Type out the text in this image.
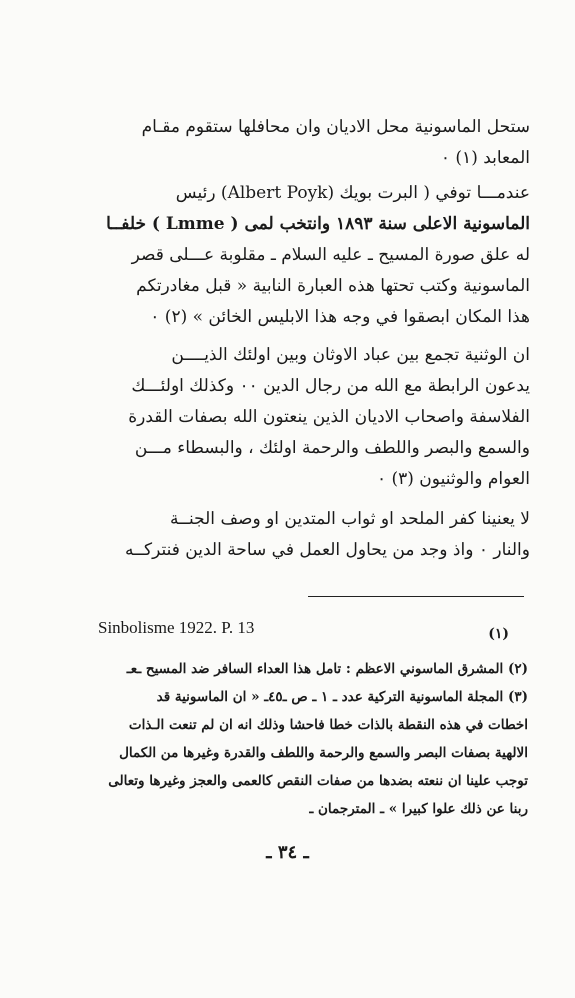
ستحل الماسونية محل الاديان وان محافلها ستقوم مقـام
المعابد (١) ٠
عندمـــا توفي ( البرت بويك (Albert Poyk) رئيس
الماسونية الاعلى سنة ١٨٩٣ وانتخب لمى ( Lmme ) خلفــا
له علق صورة المسيح ـ عليه السلام ـ مقلوبة عـــلى قصر
الماسونية وكتب تحتها هذه العبارة النابية « قبل مغادرتكم
هذا المكان ابصقوا في وجه هذا الابليس الخائن » (٢) ٠
ان الوثنية تجمع بين عباد الاوثان وبين اولئك الذيــــن
يدعون الرابطة مع الله من رجال الدين ٠٠ وكذلك اولئـــك
الفلاسفة واصحاب الاديان الذين ينعتون الله بصفات القدرة
والسمع والبصر واللطف والرحمة اولئك ، والبسطاء مـــن
العوام والوثنيون (٣) ٠
لا يعنينا كفر الملحد او ثواب المتدين او وصف الجنــة
والنار ٠ واذ وجد من يحاول العمل في ساحة الدين فنتركــه
Sinbolisme 1922. P. 13	(١)
(٢) المشرق الماسوني الاعظم : تامل هذا العداء السافر ضد المسيح ـعـ
(٣) المجلة الماسونية التركية عدد ـ ١ ـ ص ـ٤٥ـ « ان الماسونية قد
اخطات في هذه النقطة بالذات خطا فاحشا وذلك انه ان لم تنعت الـذات
الالهية بصفات البصر والسمع والرحمة واللطف والقدرة وغيرها من الكمال
توجب علينا ان ننعته بضدها من صفات النقص كالعمى والعجز وغيرها وتعالى
ربنا عن ذلك علوا كبيرا » ـ المترجمان ـ
ـ ٣٤ ـ
